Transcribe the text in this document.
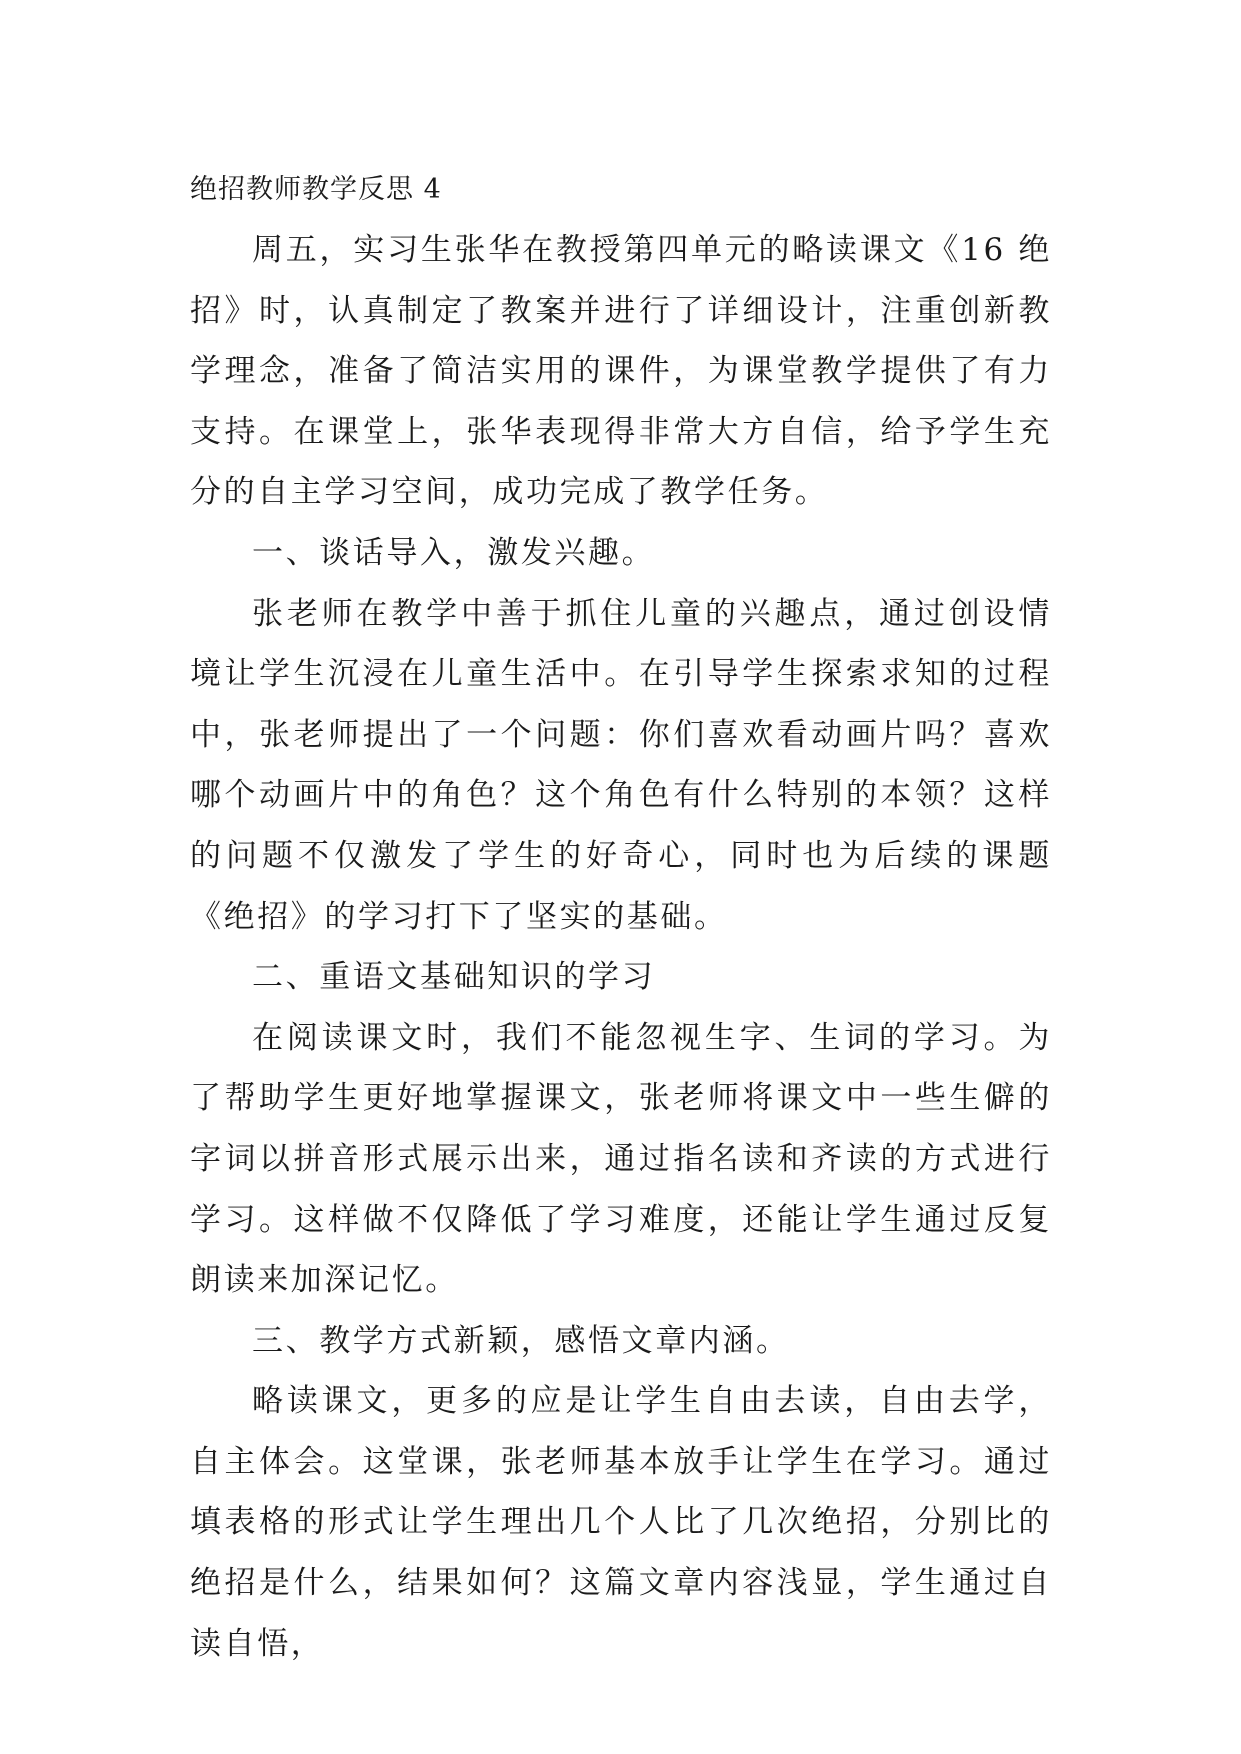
绝招教师教学反思 4

周五，实习生张华在教授第四单元的略读课文《16 绝招》时，认真制定了教案并进行了详细设计，注重创新教学理念，准备了简洁实用的课件，为课堂教学提供了有力支持。在课堂上，张华表现得非常大方自信，给予学生充分的自主学习空间，成功完成了教学任务。

一、谈话导入，激发兴趣。

张老师在教学中善于抓住儿童的兴趣点，通过创设情境让学生沉浸在儿童生活中。在引导学生探索求知的过程中，张老师提出了一个问题：你们喜欢看动画片吗？喜欢哪个动画片中的角色？这个角色有什么特别的本领？这样的问题不仅激发了学生的好奇心，同时也为后续的课题《绝招》的学习打下了坚实的基础。

二、重语文基础知识的学习

在阅读课文时，我们不能忽视生字、生词的学习。为了帮助学生更好地掌握课文，张老师将课文中一些生僻的字词以拼音形式展示出来，通过指名读和齐读的方式进行学习。这样做不仅降低了学习难度，还能让学生通过反复朗读来加深记忆。

三、教学方式新颖，感悟文章内涵。

略读课文，更多的应是让学生自由去读，自由去学，自主体会。这堂课，张老师基本放手让学生在学习。通过填表格的形式让学生理出几个人比了几次绝招，分别比的绝招是什么，结果如何？这篇文章内容浅显，学生通过自读自悟，
